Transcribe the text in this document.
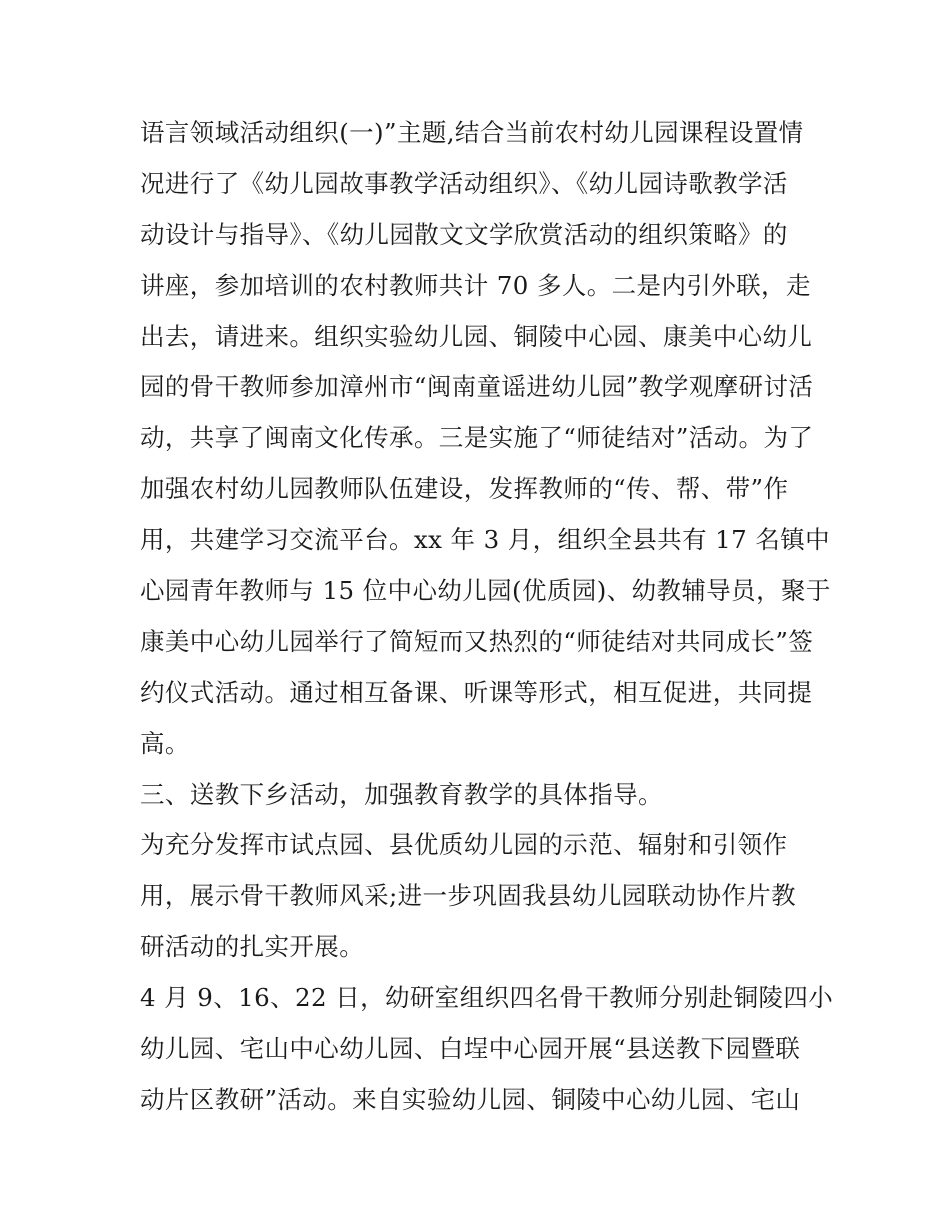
语言领域活动组织(一)”主题,结合当前农村幼儿园课程设置情
况进行了《幼儿园故事教学活动组织》、《幼儿园诗歌教学活
动设计与指导》、《幼儿园散文文学欣赏活动的组织策略》的
讲座，参加培训的农村教师共计 70 多人。二是内引外联，走
出去，请进来。组织实验幼儿园、铜陵中心园、康美中心幼儿
园的骨干教师参加漳州市“闽南童谣进幼儿园”教学观摩研讨活
动，共享了闽南文化传承。三是实施了“师徒结对”活动。为了
加强农村幼儿园教师队伍建设，发挥教师的“传、帮、带”作
用，共建学习交流平台。xx 年 3 月，组织全县共有 17 名镇中
心园青年教师与 15 位中心幼儿园(优质园)、幼教辅导员，聚于
康美中心幼儿园举行了简短而又热烈的“师徒结对共同成长”签
约仪式活动。通过相互备课、听课等形式，相互促进，共同提
高。
三、送教下乡活动，加强教育教学的具体指导。
为充分发挥市试点园、县优质幼儿园的示范、辐射和引领作
用，展示骨干教师风采;进一步巩固我县幼儿园联动协作片教
研活动的扎实开展。
4 月 9、16、22 日，幼研室组织四名骨干教师分别赴铜陵四小
幼儿园、宅山中心幼儿园、白埕中心园开展“县送教下园暨联
动片区教研”活动。来自实验幼儿园、铜陵中心幼儿园、宅山
